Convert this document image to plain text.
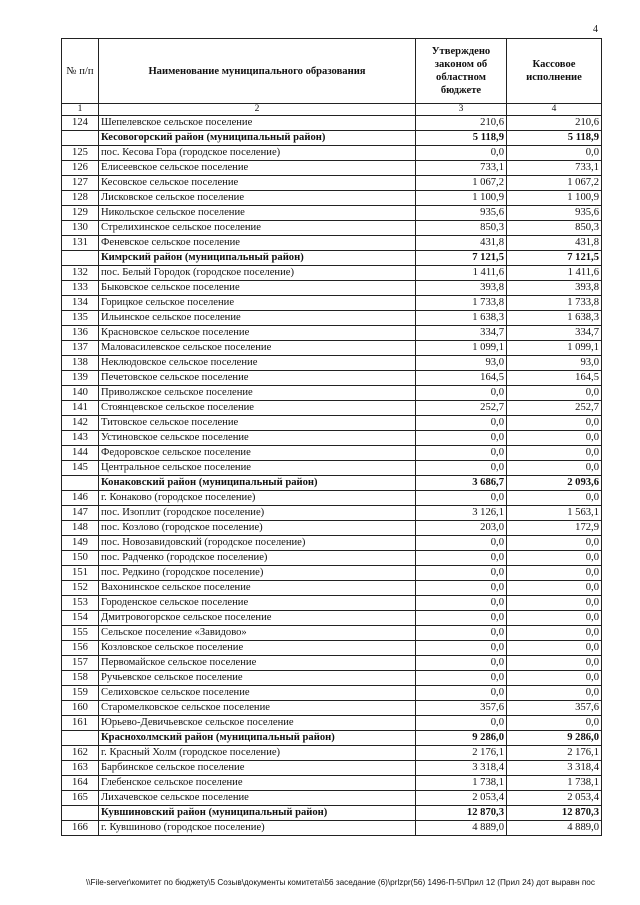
4
№ п/п	Наименование муниципального образования	Утверждено законом об областном бюджете	Кассовое исполнение
1	2	3	4
124	Шепелевское сельское поселение	210,6	210,6
	Кесовогорский район (муниципальный район)	5 118,9	5 118,9
125	пос. Кесова Гора (городское поселение)	0,0	0,0
126	Елисеевское сельское поселение	733,1	733,1
127	Кесовское сельское поселение	1 067,2	1 067,2
128	Лисковское сельское поселение	1 100,9	1 100,9
129	Никольское сельское поселение	935,6	935,6
130	Стрелихинское сельское поселение	850,3	850,3
131	Феневское сельское поселение	431,8	431,8
	Кимрский район (муниципальный район)	7 121,5	7 121,5
132	пос. Белый Городок (городское поселение)	1 411,6	1 411,6
133	Быковское сельское поселение	393,8	393,8
134	Горицкое сельское поселение	1 733,8	1 733,8
135	Ильинское сельское поселение	1 638,3	1 638,3
136	Красновское сельское поселение	334,7	334,7
137	Маловасилевское сельское поселение	1 099,1	1 099,1
138	Неклюдовское сельское поселение	93,0	93,0
139	Печетовское сельское поселение	164,5	164,5
140	Приволжское сельское поселение	0,0	0,0
141	Стоянцевское сельское поселение	252,7	252,7
142	Титовское сельское поселение	0,0	0,0
143	Устиновское сельское поселение	0,0	0,0
144	Федоровское сельское поселение	0,0	0,0
145	Центральное сельское поселение	0,0	0,0
	Конаковский район (муниципальный район)	3 686,7	2 093,6
146	г. Конаково (городское поселение)	0,0	0,0
147	пос. Изоплит (городское поселение)	3 126,1	1 563,1
148	пос. Козлово (городское поселение)	203,0	172,9
149	пос. Новозавидовский (городское поселение)	0,0	0,0
150	пос. Радченко (городское поселение)	0,0	0,0
151	пос. Редкино (городское поселение)	0,0	0,0
152	Вахонинское сельское поселение	0,0	0,0
153	Городенское сельское поселение	0,0	0,0
154	Дмитровогорское сельское поселение	0,0	0,0
155	Сельское поселение «Завидово»	0,0	0,0
156	Козловское сельское поселение	0,0	0,0
157	Первомайское сельское поселение	0,0	0,0
158	Ручьевское сельское поселение	0,0	0,0
159	Селиховское сельское поселение	0,0	0,0
160	Старомелковское сельское поселение	357,6	357,6
161	Юрьево-Девичьевское сельское поселение	0,0	0,0
	Краснохолмский район (муниципальный район)	9 286,0	9 286,0
162	г. Красный Холм (городское поселение)	2 176,1	2 176,1
163	Барбинское сельское поселение	3 318,4	3 318,4
164	Глебенское сельское поселение	1 738,1	1 738,1
165	Лихачевское сельское поселение	2 053,4	2 053,4
	Кувшиновский район (муниципальный район)	12 870,3	12 870,3
166	г. Кувшиново (городское поселение)	4 889,0	4 889,0
\\File-server\комитет по бюджету\5 Созыв\документы комитета\56 заседание (6)\prlzpr(56) 1496-П-5\Прил 12 (Прил 24) дот выравн пос
